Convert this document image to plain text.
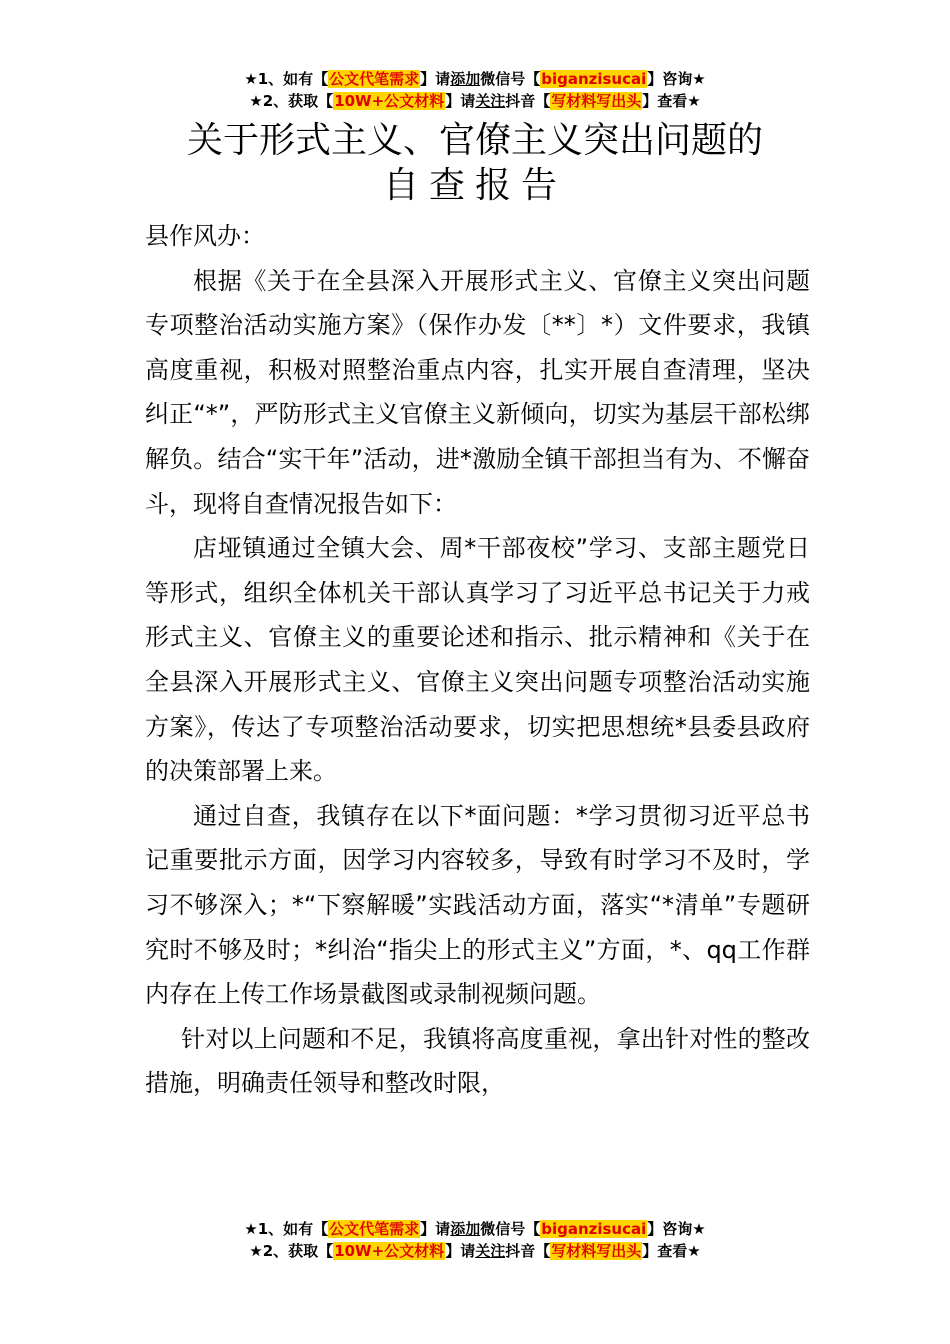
★1、如有【公文代笔需求】请添加微信号【biganzisucai】咨询★
★2、获取【10W+公文材料】请关注抖音【写材料写出头】查看★
关于形式主义、官僚主义突出问题的
自查报告

县作风办：

根据《关于在全县深入开展形式主义、官僚主义突出问题专项整治活动实施方案》（保作办发〔**〕*）文件要求，我镇高度重视，积极对照整治重点内容，扎实开展自查清理，坚决纠正“*”，严防形式主义官僚主义新倾向，切实为基层干部松绑解负。结合“实干年”活动，进*激励全镇干部担当有为、不懈奋斗，现将自查情况报告如下：

店垭镇通过全镇大会、周*干部夜校”学习、支部主题党日等形式，组织全体机关干部认真学习了习近平总书记关于力戒形式主义、官僚主义的重要论述和指示、批示精神和《关于在全县深入开展形式主义、官僚主义突出问题专项整治活动实施方案》，传达了专项整治活动要求，切实把思想统*县委县政府的决策部署上来。

通过自查，我镇存在以下*面问题：*学习贯彻习近平总书记重要批示方面，因学习内容较多，导致有时学习不及时，学习不够深入；*“下察解暖”实践活动方面，落实“*清单”专题研究时不够及时；*纠治“指尖上的形式主义”方面，*、qq工作群内存在上传工作场景截图或录制视频问题。

针对以上问题和不足，我镇将高度重视，拿出针对性的整改措施，明确责任领导和整改时限，

★1、如有【公文代笔需求】请添加微信号【biganzisucai】咨询★
★2、获取【10W+公文材料】请关注抖音【写材料写出头】查看★
